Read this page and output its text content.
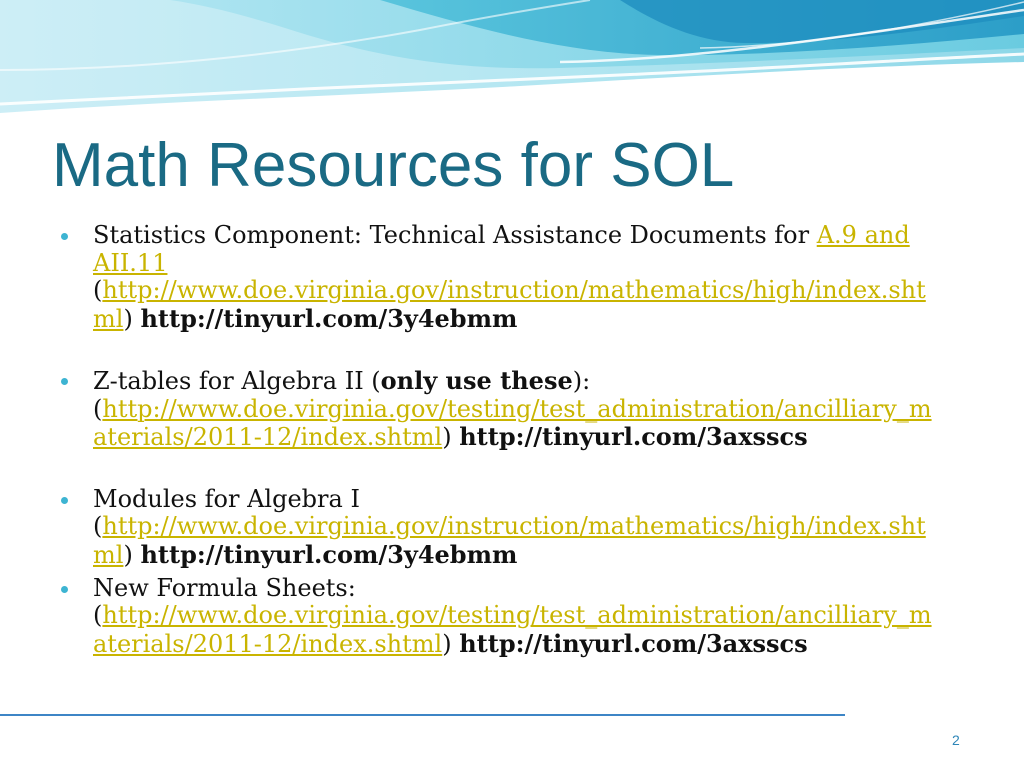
Math Resources for SOL
Statistics Component: Technical Assistance Documents for A.9 and AII.11
(http://www.doe.virginia.gov/instruction/mathematics/high/index.shtml) http://tinyurl.com/3y4ebmm
Z-tables for Algebra II (only use these):
(http://www.doe.virginia.gov/testing/test_administration/ancilliary_materials/2011-12/index.shtml) http://tinyurl.com/3axsscs
Modules for Algebra I
(http://www.doe.virginia.gov/instruction/mathematics/high/index.shtml) http://tinyurl.com/3y4ebmm
New Formula Sheets:
(http://www.doe.virginia.gov/testing/test_administration/ancilliary_materials/2011-12/index.shtml) http://tinyurl.com/3axsscs
2
